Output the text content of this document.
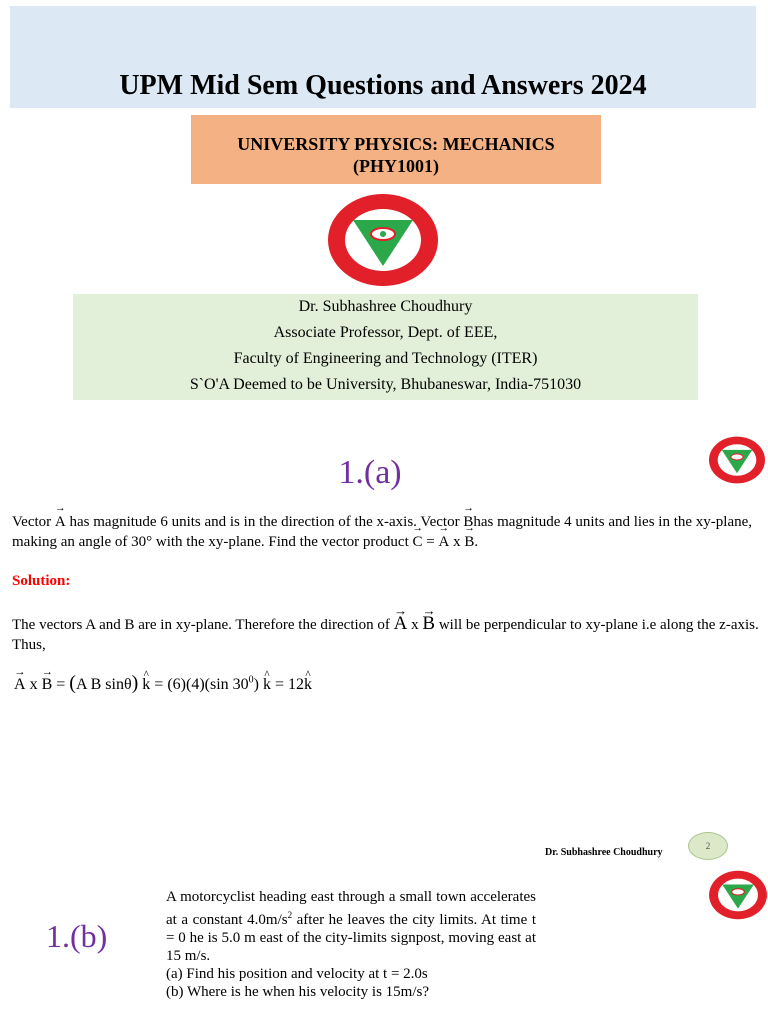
UPM Mid Sem Questions and Answers 2024
UNIVERSITY PHYSICS: MECHANICS
(PHY1001)
Dr. Subhashree Choudhury
Associate Professor, Dept. of EEE,
Faculty of Engineering and Technology (ITER)
S`O'A Deemed to be University, Bhubaneswar, India-751030
1.(a)
Vector → A has magnitude 6 units and is in the direction of the x-axis. Vector → Bhas magnitude 4 units and lies in the xy-plane, making an angle of 30° with the xy-plane. Find the vector product → C = → A x → B.
Solution:
The vectors A and B are in xy-plane. Therefore the direction of → A x → B will be perpendicular to xy-plane i.e along the z-axis. Thus,
→ A x → B = (A B sinθ) ^ k = (6)(4)(sin $30^0$) ^ k = 12^ k
Dr. Subhashree Choudhury
2
1.(b)
A motorcyclist heading east through a small town accelerates at a constant $4.0m/s^2$ after he leaves the city limits. At time t = 0 he is 5.0 m east of the city-limits signpost, moving east at 15 m/s.
(a) Find his position and velocity at t = 2.0s
(b) Where is he when his velocity is 15m/s?
